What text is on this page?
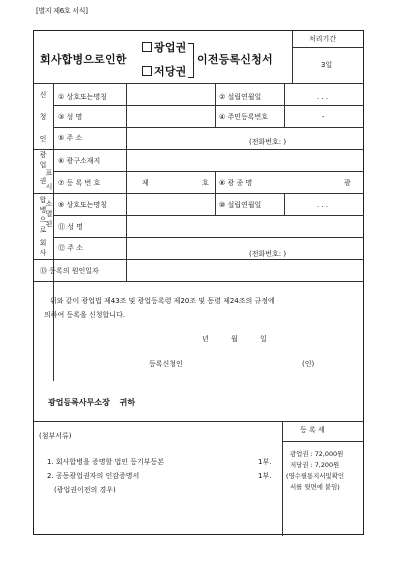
[별지 제6호 서식]
회사합병으로인한
광업권
저당권
이전등록신청서
처리기간
3일
신
청
인
① 상호또는명칭	② 설립연월일	. . .
③ 성 명	④ 주민등록번호	-
⑤ 주 소	(전화번호: )
광
업
표
권
시
⑥ 광구소재지
⑦ 등 록 번 호	제	호 ⑧ 광 종 명	광
합
병
으
로
소
멸
된
회
사
⑨ 상호또는명칭	⑩ 설립연월일	. . .
⑪ 성 명
⑫ 주 소
(전화번호: )
⑬ 등록의 원인일자
위와 같이 광업법 제43조 및 광업등록령 제20조 및 동령 제24조의 규정에
의하여 등록을 신청합니다.
년 월 일
등록신청인	(인)
광업등록사무소장 귀하
(첨부서류)
1. 회사합병을 증명할 법인 등기부등본	1부.
2. 공동광업권자의 인감증명서	1부.
(광업권이전의 경우)
등 록 세
광업권 : 72,000원
저당권 : 7,200원
(영수필통지서및확인
서를 뒷면에 붙임)
